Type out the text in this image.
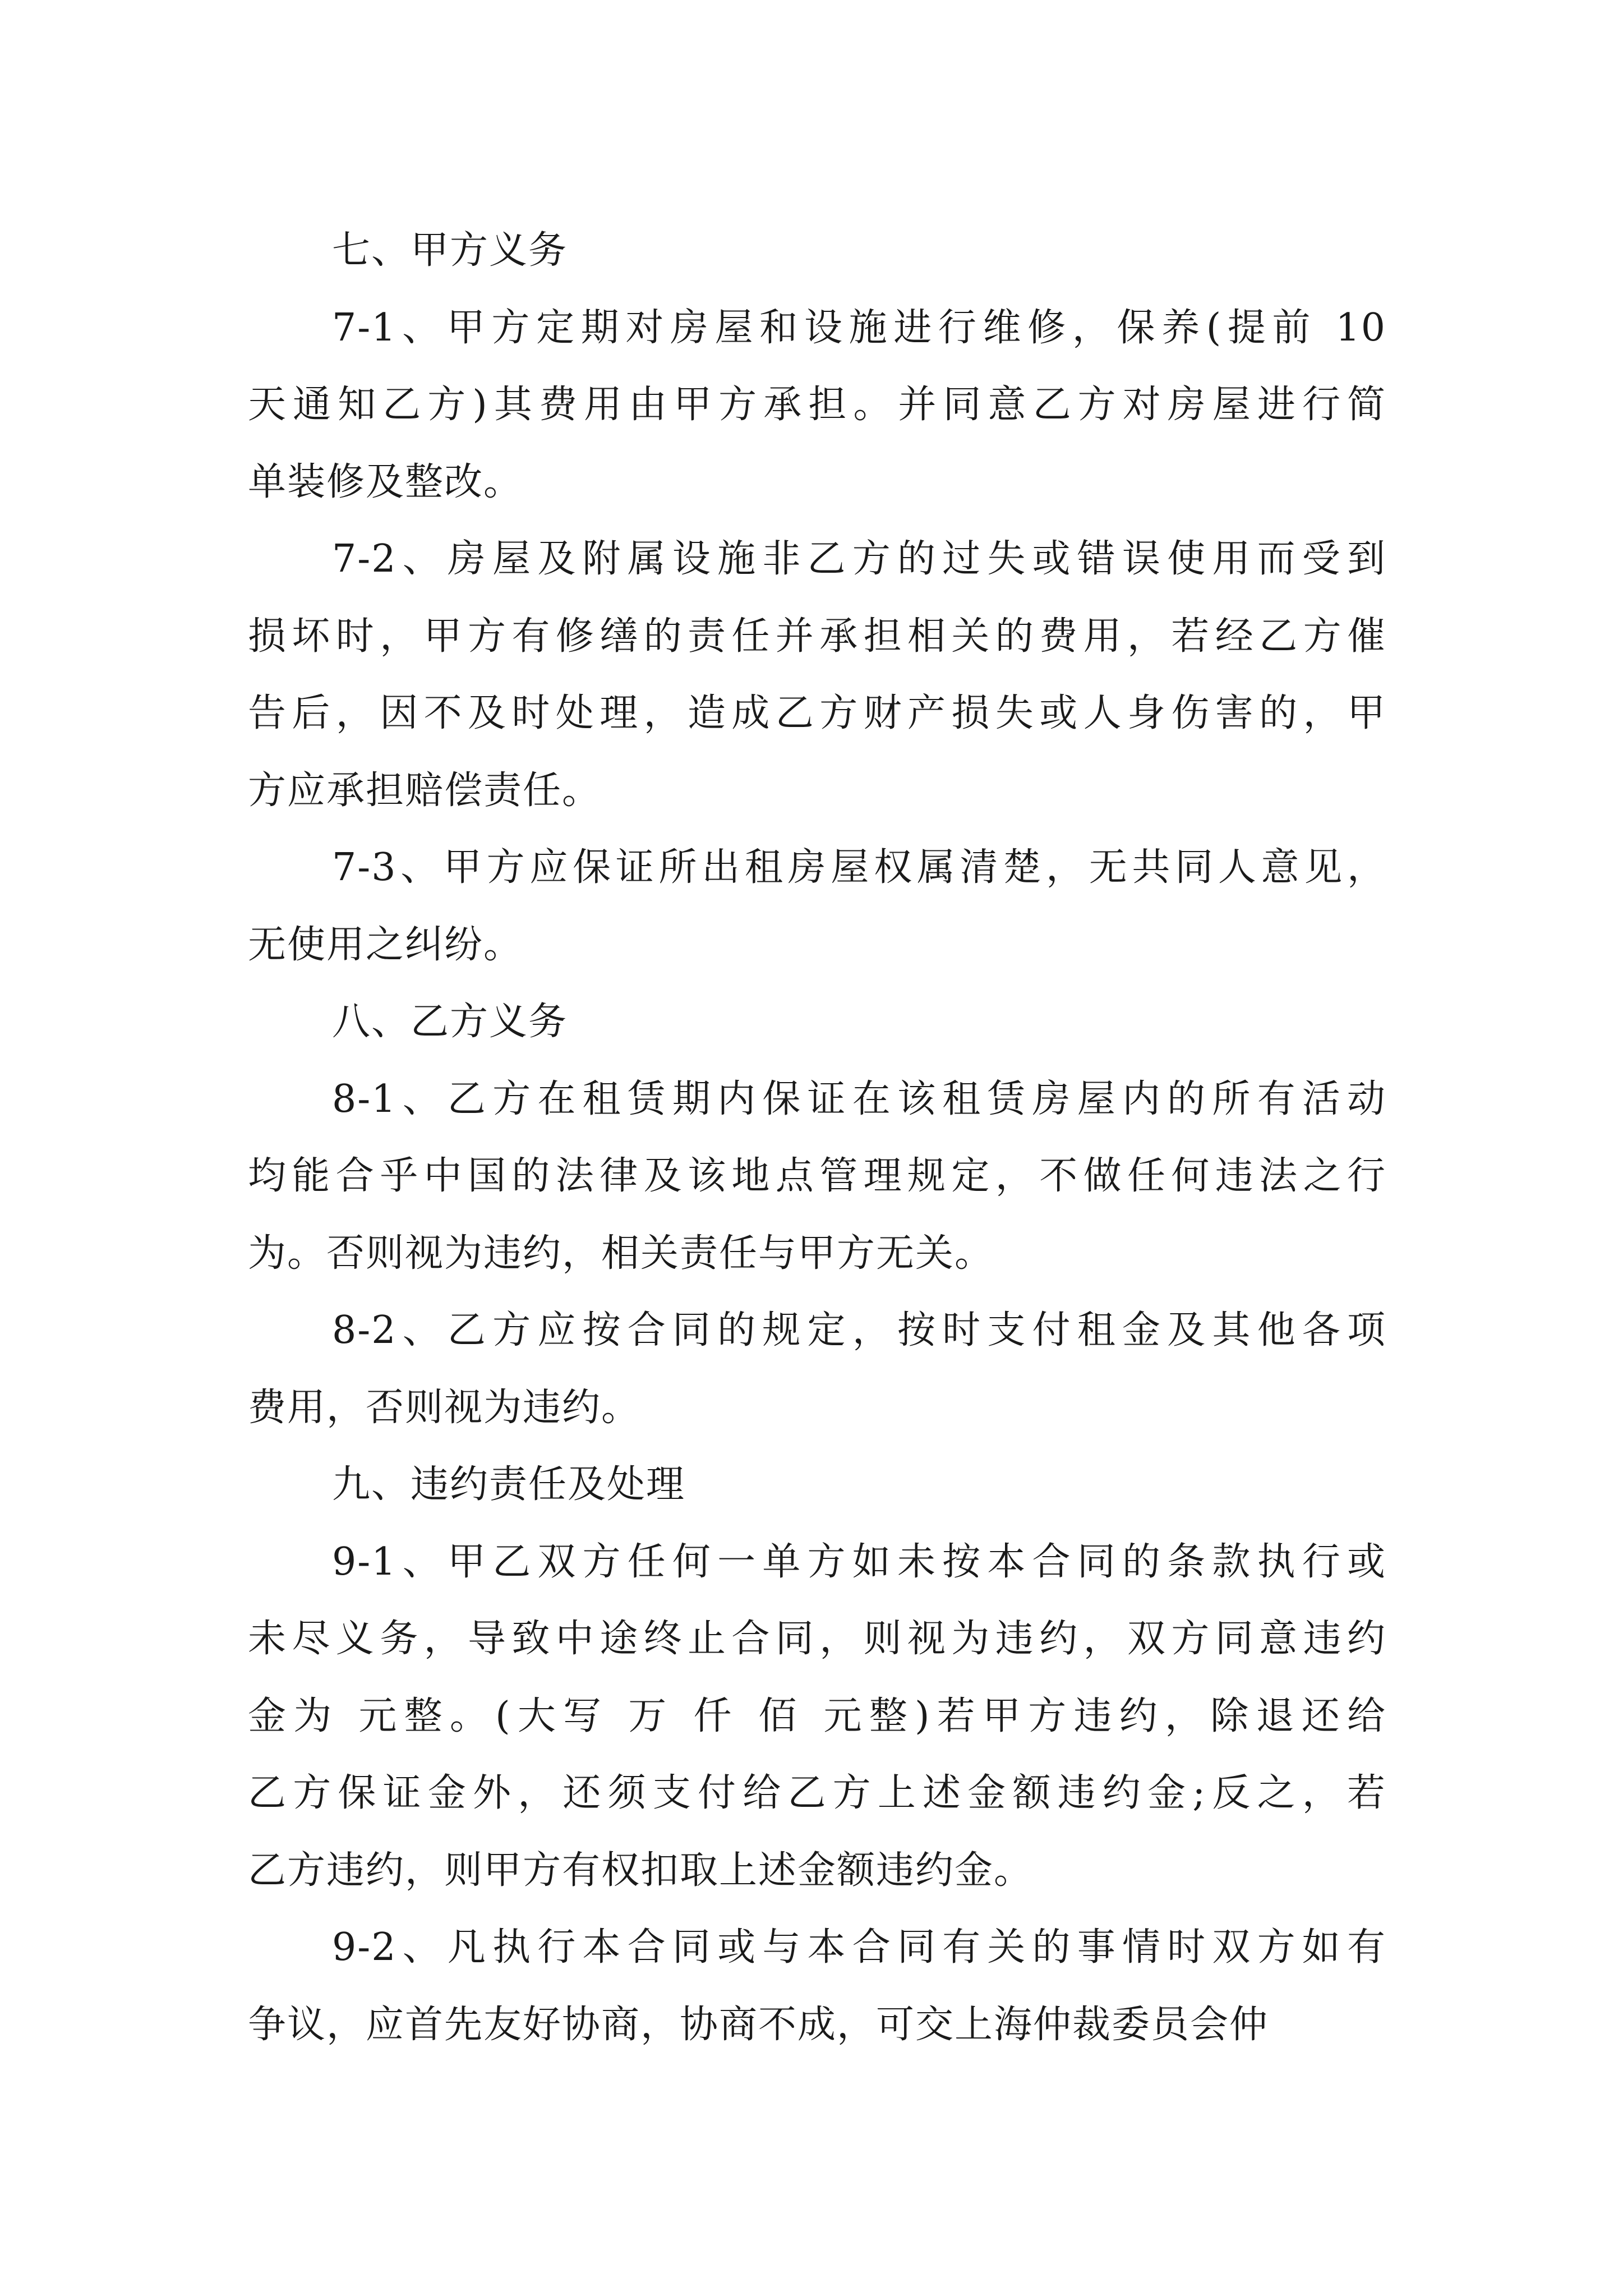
七、甲方义务
7-1、甲方定期对房屋和设施进行维修，保养(提前 10
天通知乙方)其费用由甲方承担。并同意乙方对房屋进行简
单装修及整改。
7-2、房屋及附属设施非乙方的过失或错误使用而受到
损坏时，甲方有修缮的责任并承担相关的费用，若经乙方催
告后，因不及时处理，造成乙方财产损失或人身伤害的，甲
方应承担赔偿责任。
7-3、甲方应保证所出租房屋权属清楚，无共同人意见，
无使用之纠纷。
八、乙方义务
8-1、乙方在租赁期内保证在该租赁房屋内的所有活动
均能合乎中国的法律及该地点管理规定，不做任何违法之行
为。否则视为违约，相关责任与甲方无关。
8-2、乙方应按合同的规定，按时支付租金及其他各项
费用，否则视为违约。
九、违约责任及处理
9-1、甲乙双方任何一单方如未按本合同的条款执行或
未尽义务，导致中途终止合同，则视为违约，双方同意违约
金为 元整。(大写 万 仟 佰 元整)若甲方违约，除退还给
乙方保证金外，还须支付给乙方上述金额违约金;反之，若
乙方违约，则甲方有权扣取上述金额违约金。
9-2、凡执行本合同或与本合同有关的事情时双方如有
争议，应首先友好协商，协商不成，可交上海仲裁委员会仲
